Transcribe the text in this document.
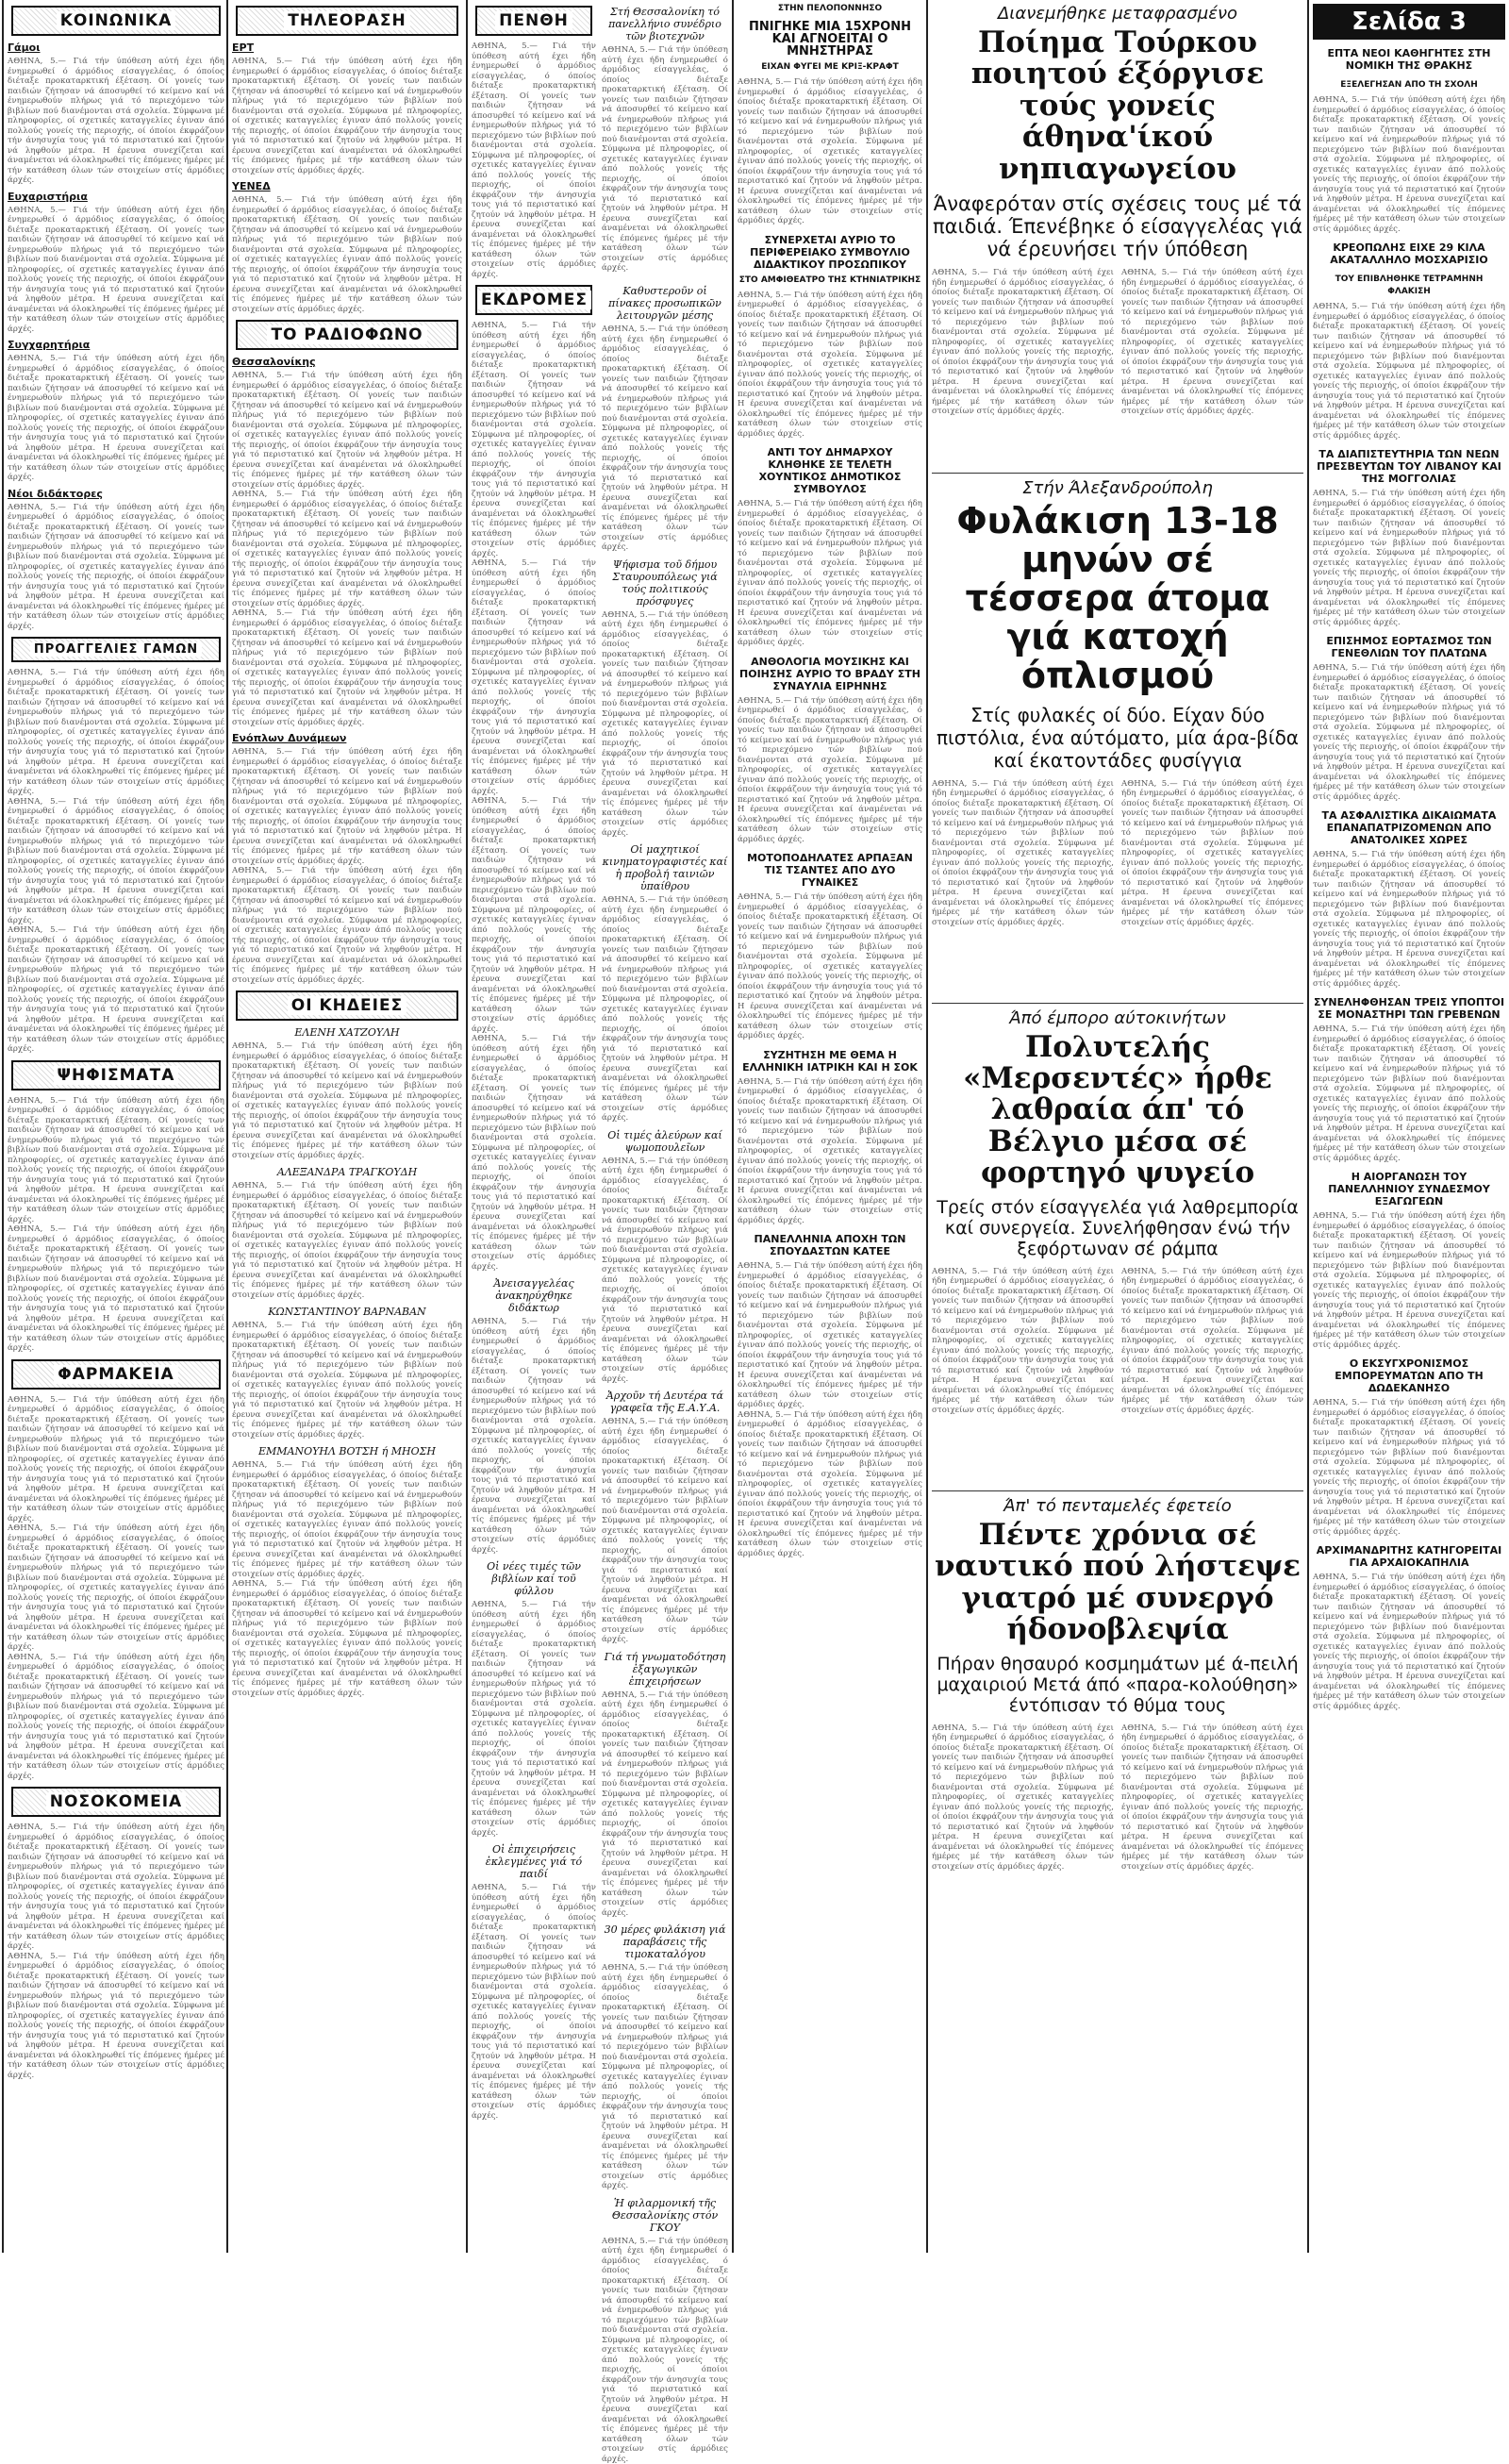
ΚΟΙΝΩΝΙΚΑ
Γάμοι
ΑΘΗΝΑ, 5.— Γιά τήν ύπόθεση αύτή έχει ήδη ένημερωθεί ό άρμόδιος είσαγγελέας, ό όποίος διέταξε προκαταρκτική έξέταση. Οί γονείς των παιδιών ζήτησαν νά άποσυρθεί τό κείμενο καί νά ένημερωθούν πλήρως γιά τό περιεχόμενο τών βιβλίων πού διανέμονται στά σχολεία. Σύμφωνα μέ πληροφορίες, οί σχετικές καταγγελίες έγιναν άπό πολλούς γονείς τής περιοχής, οί όποίοι έκφράζουν τήν άνησυχία τους γιά τό περιστατικό καί ζητούν νά ληφθούν μέτρα. Η έρευνα συνεχίζεται καί άναμένεται νά όλοκληρωθεί τίς έπόμενες ήμέρες μέ τήν κατάθεση όλων τών στοιχείων στίς άρμόδιες άρχές.
Ευχαριστήρια
ΑΘΗΝΑ, 5.— Γιά τήν ύπόθεση αύτή έχει ήδη ένημερωθεί ό άρμόδιος είσαγγελέας, ό όποίος διέταξε προκαταρκτική έξέταση. Οί γονείς των παιδιών ζήτησαν νά άποσυρθεί τό κείμενο καί νά ένημερωθούν πλήρως γιά τό περιεχόμενο τών βιβλίων πού διανέμονται στά σχολεία. Σύμφωνα μέ πληροφορίες, οί σχετικές καταγγελίες έγιναν άπό πολλούς γονείς τής περιοχής, οί όποίοι έκφράζουν τήν άνησυχία τους γιά τό περιστατικό καί ζητούν νά ληφθούν μέτρα. Η έρευνα συνεχίζεται καί άναμένεται νά όλοκληρωθεί τίς έπόμενες ήμέρες μέ τήν κατάθεση όλων τών στοιχείων στίς άρμόδιες άρχές.
Συγχαρητήρια
ΑΘΗΝΑ, 5.— Γιά τήν ύπόθεση αύτή έχει ήδη ένημερωθεί ό άρμόδιος είσαγγελέας, ό όποίος διέταξε προκαταρκτική έξέταση. Οί γονείς των παιδιών ζήτησαν νά άποσυρθεί τό κείμενο καί νά ένημερωθούν πλήρως γιά τό περιεχόμενο τών βιβλίων πού διανέμονται στά σχολεία. Σύμφωνα μέ πληροφορίες, οί σχετικές καταγγελίες έγιναν άπό πολλούς γονείς τής περιοχής, οί όποίοι έκφράζουν τήν άνησυχία τους γιά τό περιστατικό καί ζητούν νά ληφθούν μέτρα. Η έρευνα συνεχίζεται καί άναμένεται νά όλοκληρωθεί τίς έπόμενες ήμέρες μέ τήν κατάθεση όλων τών στοιχείων στίς άρμόδιες άρχές.
Νέοι διδάκτορες
ΑΘΗΝΑ, 5.— Γιά τήν ύπόθεση αύτή έχει ήδη ένημερωθεί ό άρμόδιος είσαγγελέας, ό όποίος διέταξε προκαταρκτική έξέταση. Οί γονείς των παιδιών ζήτησαν νά άποσυρθεί τό κείμενο καί νά ένημερωθούν πλήρως γιά τό περιεχόμενο τών βιβλίων πού διανέμονται στά σχολεία. Σύμφωνα μέ πληροφορίες, οί σχετικές καταγγελίες έγιναν άπό πολλούς γονείς τής περιοχής, οί όποίοι έκφράζουν τήν άνησυχία τους γιά τό περιστατικό καί ζητούν νά ληφθούν μέτρα. Η έρευνα συνεχίζεται καί άναμένεται νά όλοκληρωθεί τίς έπόμενες ήμέρες μέ τήν κατάθεση όλων τών στοιχείων στίς άρμόδιες άρχές.
ΠΡΟΑΓΓΕΛΙΕΣ ΓΑΜΩΝ
ΑΘΗΝΑ, 5.— Γιά τήν ύπόθεση αύτή έχει ήδη ένημερωθεί ό άρμόδιος είσαγγελέας, ό όποίος διέταξε προκαταρκτική έξέταση. Οί γονείς των παιδιών ζήτησαν νά άποσυρθεί τό κείμενο καί νά ένημερωθούν πλήρως γιά τό περιεχόμενο τών βιβλίων πού διανέμονται στά σχολεία. Σύμφωνα μέ πληροφορίες, οί σχετικές καταγγελίες έγιναν άπό πολλούς γονείς τής περιοχής, οί όποίοι έκφράζουν τήν άνησυχία τους γιά τό περιστατικό καί ζητούν νά ληφθούν μέτρα. Η έρευνα συνεχίζεται καί άναμένεται νά όλοκληρωθεί τίς έπόμενες ήμέρες μέ τήν κατάθεση όλων τών στοιχείων στίς άρμόδιες άρχές.
ΑΘΗΝΑ, 5.— Γιά τήν ύπόθεση αύτή έχει ήδη ένημερωθεί ό άρμόδιος είσαγγελέας, ό όποίος διέταξε προκαταρκτική έξέταση. Οί γονείς των παιδιών ζήτησαν νά άποσυρθεί τό κείμενο καί νά ένημερωθούν πλήρως γιά τό περιεχόμενο τών βιβλίων πού διανέμονται στά σχολεία. Σύμφωνα μέ πληροφορίες, οί σχετικές καταγγελίες έγιναν άπό πολλούς γονείς τής περιοχής, οί όποίοι έκφράζουν τήν άνησυχία τους γιά τό περιστατικό καί ζητούν νά ληφθούν μέτρα. Η έρευνα συνεχίζεται καί άναμένεται νά όλοκληρωθεί τίς έπόμενες ήμέρες μέ τήν κατάθεση όλων τών στοιχείων στίς άρμόδιες άρχές.
ΑΘΗΝΑ, 5.— Γιά τήν ύπόθεση αύτή έχει ήδη ένημερωθεί ό άρμόδιος είσαγγελέας, ό όποίος διέταξε προκαταρκτική έξέταση. Οί γονείς των παιδιών ζήτησαν νά άποσυρθεί τό κείμενο καί νά ένημερωθούν πλήρως γιά τό περιεχόμενο τών βιβλίων πού διανέμονται στά σχολεία. Σύμφωνα μέ πληροφορίες, οί σχετικές καταγγελίες έγιναν άπό πολλούς γονείς τής περιοχής, οί όποίοι έκφράζουν τήν άνησυχία τους γιά τό περιστατικό καί ζητούν νά ληφθούν μέτρα. Η έρευνα συνεχίζεται καί άναμένεται νά όλοκληρωθεί τίς έπόμενες ήμέρες μέ τήν κατάθεση όλων τών στοιχείων στίς άρμόδιες άρχές.
ΨΗΦΙΣΜΑΤΑ
ΑΘΗΝΑ, 5.— Γιά τήν ύπόθεση αύτή έχει ήδη ένημερωθεί ό άρμόδιος είσαγγελέας, ό όποίος διέταξε προκαταρκτική έξέταση. Οί γονείς των παιδιών ζήτησαν νά άποσυρθεί τό κείμενο καί νά ένημερωθούν πλήρως γιά τό περιεχόμενο τών βιβλίων πού διανέμονται στά σχολεία. Σύμφωνα μέ πληροφορίες, οί σχετικές καταγγελίες έγιναν άπό πολλούς γονείς τής περιοχής, οί όποίοι έκφράζουν τήν άνησυχία τους γιά τό περιστατικό καί ζητούν νά ληφθούν μέτρα. Η έρευνα συνεχίζεται καί άναμένεται νά όλοκληρωθεί τίς έπόμενες ήμέρες μέ τήν κατάθεση όλων τών στοιχείων στίς άρμόδιες άρχές.
ΑΘΗΝΑ, 5.— Γιά τήν ύπόθεση αύτή έχει ήδη ένημερωθεί ό άρμόδιος είσαγγελέας, ό όποίος διέταξε προκαταρκτική έξέταση. Οί γονείς των παιδιών ζήτησαν νά άποσυρθεί τό κείμενο καί νά ένημερωθούν πλήρως γιά τό περιεχόμενο τών βιβλίων πού διανέμονται στά σχολεία. Σύμφωνα μέ πληροφορίες, οί σχετικές καταγγελίες έγιναν άπό πολλούς γονείς τής περιοχής, οί όποίοι έκφράζουν τήν άνησυχία τους γιά τό περιστατικό καί ζητούν νά ληφθούν μέτρα. Η έρευνα συνεχίζεται καί άναμένεται νά όλοκληρωθεί τίς έπόμενες ήμέρες μέ τήν κατάθεση όλων τών στοιχείων στίς άρμόδιες άρχές.
ΦΑΡΜΑΚΕΙΑ
ΑΘΗΝΑ, 5.— Γιά τήν ύπόθεση αύτή έχει ήδη ένημερωθεί ό άρμόδιος είσαγγελέας, ό όποίος διέταξε προκαταρκτική έξέταση. Οί γονείς των παιδιών ζήτησαν νά άποσυρθεί τό κείμενο καί νά ένημερωθούν πλήρως γιά τό περιεχόμενο τών βιβλίων πού διανέμονται στά σχολεία. Σύμφωνα μέ πληροφορίες, οί σχετικές καταγγελίες έγιναν άπό πολλούς γονείς τής περιοχής, οί όποίοι έκφράζουν τήν άνησυχία τους γιά τό περιστατικό καί ζητούν νά ληφθούν μέτρα. Η έρευνα συνεχίζεται καί άναμένεται νά όλοκληρωθεί τίς έπόμενες ήμέρες μέ τήν κατάθεση όλων τών στοιχείων στίς άρμόδιες άρχές.
ΑΘΗΝΑ, 5.— Γιά τήν ύπόθεση αύτή έχει ήδη ένημερωθεί ό άρμόδιος είσαγγελέας, ό όποίος διέταξε προκαταρκτική έξέταση. Οί γονείς των παιδιών ζήτησαν νά άποσυρθεί τό κείμενο καί νά ένημερωθούν πλήρως γιά τό περιεχόμενο τών βιβλίων πού διανέμονται στά σχολεία. Σύμφωνα μέ πληροφορίες, οί σχετικές καταγγελίες έγιναν άπό πολλούς γονείς τής περιοχής, οί όποίοι έκφράζουν τήν άνησυχία τους γιά τό περιστατικό καί ζητούν νά ληφθούν μέτρα. Η έρευνα συνεχίζεται καί άναμένεται νά όλοκληρωθεί τίς έπόμενες ήμέρες μέ τήν κατάθεση όλων τών στοιχείων στίς άρμόδιες άρχές.
ΑΘΗΝΑ, 5.— Γιά τήν ύπόθεση αύτή έχει ήδη ένημερωθεί ό άρμόδιος είσαγγελέας, ό όποίος διέταξε προκαταρκτική έξέταση. Οί γονείς των παιδιών ζήτησαν νά άποσυρθεί τό κείμενο καί νά ένημερωθούν πλήρως γιά τό περιεχόμενο τών βιβλίων πού διανέμονται στά σχολεία. Σύμφωνα μέ πληροφορίες, οί σχετικές καταγγελίες έγιναν άπό πολλούς γονείς τής περιοχής, οί όποίοι έκφράζουν τήν άνησυχία τους γιά τό περιστατικό καί ζητούν νά ληφθούν μέτρα. Η έρευνα συνεχίζεται καί άναμένεται νά όλοκληρωθεί τίς έπόμενες ήμέρες μέ τήν κατάθεση όλων τών στοιχείων στίς άρμόδιες άρχές.
ΝΟΣΟΚΟΜΕΙΑ
ΑΘΗΝΑ, 5.— Γιά τήν ύπόθεση αύτή έχει ήδη ένημερωθεί ό άρμόδιος είσαγγελέας, ό όποίος διέταξε προκαταρκτική έξέταση. Οί γονείς των παιδιών ζήτησαν νά άποσυρθεί τό κείμενο καί νά ένημερωθούν πλήρως γιά τό περιεχόμενο τών βιβλίων πού διανέμονται στά σχολεία. Σύμφωνα μέ πληροφορίες, οί σχετικές καταγγελίες έγιναν άπό πολλούς γονείς τής περιοχής, οί όποίοι έκφράζουν τήν άνησυχία τους γιά τό περιστατικό καί ζητούν νά ληφθούν μέτρα. Η έρευνα συνεχίζεται καί άναμένεται νά όλοκληρωθεί τίς έπόμενες ήμέρες μέ τήν κατάθεση όλων τών στοιχείων στίς άρμόδιες άρχές.
ΑΘΗΝΑ, 5.— Γιά τήν ύπόθεση αύτή έχει ήδη ένημερωθεί ό άρμόδιος είσαγγελέας, ό όποίος διέταξε προκαταρκτική έξέταση. Οί γονείς των παιδιών ζήτησαν νά άποσυρθεί τό κείμενο καί νά ένημερωθούν πλήρως γιά τό περιεχόμενο τών βιβλίων πού διανέμονται στά σχολεία. Σύμφωνα μέ πληροφορίες, οί σχετικές καταγγελίες έγιναν άπό πολλούς γονείς τής περιοχής, οί όποίοι έκφράζουν τήν άνησυχία τους γιά τό περιστατικό καί ζητούν νά ληφθούν μέτρα. Η έρευνα συνεχίζεται καί άναμένεται νά όλοκληρωθεί τίς έπόμενες ήμέρες μέ τήν κατάθεση όλων τών στοιχείων στίς άρμόδιες άρχές.
ΤΗΛΕΟΡΑΣΗ
ΕΡΤ
ΑΘΗΝΑ, 5.— Γιά τήν ύπόθεση αύτή έχει ήδη ένημερωθεί ό άρμόδιος είσαγγελέας, ό όποίος διέταξε προκαταρκτική έξέταση. Οί γονείς των παιδιών ζήτησαν νά άποσυρθεί τό κείμενο καί νά ένημερωθούν πλήρως γιά τό περιεχόμενο τών βιβλίων πού διανέμονται στά σχολεία. Σύμφωνα μέ πληροφορίες, οί σχετικές καταγγελίες έγιναν άπό πολλούς γονείς τής περιοχής, οί όποίοι έκφράζουν τήν άνησυχία τους γιά τό περιστατικό καί ζητούν νά ληφθούν μέτρα. Η έρευνα συνεχίζεται καί άναμένεται νά όλοκληρωθεί τίς έπόμενες ήμέρες μέ τήν κατάθεση όλων τών στοιχείων στίς άρμόδιες άρχές.
ΥΕΝΕΔ
ΑΘΗΝΑ, 5.— Γιά τήν ύπόθεση αύτή έχει ήδη ένημερωθεί ό άρμόδιος είσαγγελέας, ό όποίος διέταξε προκαταρκτική έξέταση. Οί γονείς των παιδιών ζήτησαν νά άποσυρθεί τό κείμενο καί νά ένημερωθούν πλήρως γιά τό περιεχόμενο τών βιβλίων πού διανέμονται στά σχολεία. Σύμφωνα μέ πληροφορίες, οί σχετικές καταγγελίες έγιναν άπό πολλούς γονείς τής περιοχής, οί όποίοι έκφράζουν τήν άνησυχία τους γιά τό περιστατικό καί ζητούν νά ληφθούν μέτρα. Η έρευνα συνεχίζεται καί άναμένεται νά όλοκληρωθεί τίς έπόμενες ήμέρες μέ τήν κατάθεση όλων τών στοιχείων στίς άρμόδιες άρχές.
ΤΟ ΡΑΔΙΟΦΩΝΟ
Θεσσαλονίκης
ΑΘΗΝΑ, 5.— Γιά τήν ύπόθεση αύτή έχει ήδη ένημερωθεί ό άρμόδιος είσαγγελέας, ό όποίος διέταξε προκαταρκτική έξέταση. Οί γονείς των παιδιών ζήτησαν νά άποσυρθεί τό κείμενο καί νά ένημερωθούν πλήρως γιά τό περιεχόμενο τών βιβλίων πού διανέμονται στά σχολεία. Σύμφωνα μέ πληροφορίες, οί σχετικές καταγγελίες έγιναν άπό πολλούς γονείς τής περιοχής, οί όποίοι έκφράζουν τήν άνησυχία τους γιά τό περιστατικό καί ζητούν νά ληφθούν μέτρα. Η έρευνα συνεχίζεται καί άναμένεται νά όλοκληρωθεί τίς έπόμενες ήμέρες μέ τήν κατάθεση όλων τών στοιχείων στίς άρμόδιες άρχές.
ΑΘΗΝΑ, 5.— Γιά τήν ύπόθεση αύτή έχει ήδη ένημερωθεί ό άρμόδιος είσαγγελέας, ό όποίος διέταξε προκαταρκτική έξέταση. Οί γονείς των παιδιών ζήτησαν νά άποσυρθεί τό κείμενο καί νά ένημερωθούν πλήρως γιά τό περιεχόμενο τών βιβλίων πού διανέμονται στά σχολεία. Σύμφωνα μέ πληροφορίες, οί σχετικές καταγγελίες έγιναν άπό πολλούς γονείς τής περιοχής, οί όποίοι έκφράζουν τήν άνησυχία τους γιά τό περιστατικό καί ζητούν νά ληφθούν μέτρα. Η έρευνα συνεχίζεται καί άναμένεται νά όλοκληρωθεί τίς έπόμενες ήμέρες μέ τήν κατάθεση όλων τών στοιχείων στίς άρμόδιες άρχές.
ΑΘΗΝΑ, 5.— Γιά τήν ύπόθεση αύτή έχει ήδη ένημερωθεί ό άρμόδιος είσαγγελέας, ό όποίος διέταξε προκαταρκτική έξέταση. Οί γονείς των παιδιών ζήτησαν νά άποσυρθεί τό κείμενο καί νά ένημερωθούν πλήρως γιά τό περιεχόμενο τών βιβλίων πού διανέμονται στά σχολεία. Σύμφωνα μέ πληροφορίες, οί σχετικές καταγγελίες έγιναν άπό πολλούς γονείς τής περιοχής, οί όποίοι έκφράζουν τήν άνησυχία τους γιά τό περιστατικό καί ζητούν νά ληφθούν μέτρα. Η έρευνα συνεχίζεται καί άναμένεται νά όλοκληρωθεί τίς έπόμενες ήμέρες μέ τήν κατάθεση όλων τών στοιχείων στίς άρμόδιες άρχές.
Ενόπλων Δυνάμεων
ΑΘΗΝΑ, 5.— Γιά τήν ύπόθεση αύτή έχει ήδη ένημερωθεί ό άρμόδιος είσαγγελέας, ό όποίος διέταξε προκαταρκτική έξέταση. Οί γονείς των παιδιών ζήτησαν νά άποσυρθεί τό κείμενο καί νά ένημερωθούν πλήρως γιά τό περιεχόμενο τών βιβλίων πού διανέμονται στά σχολεία. Σύμφωνα μέ πληροφορίες, οί σχετικές καταγγελίες έγιναν άπό πολλούς γονείς τής περιοχής, οί όποίοι έκφράζουν τήν άνησυχία τους γιά τό περιστατικό καί ζητούν νά ληφθούν μέτρα. Η έρευνα συνεχίζεται καί άναμένεται νά όλοκληρωθεί τίς έπόμενες ήμέρες μέ τήν κατάθεση όλων τών στοιχείων στίς άρμόδιες άρχές.
ΑΘΗΝΑ, 5.— Γιά τήν ύπόθεση αύτή έχει ήδη ένημερωθεί ό άρμόδιος είσαγγελέας, ό όποίος διέταξε προκαταρκτική έξέταση. Οί γονείς των παιδιών ζήτησαν νά άποσυρθεί τό κείμενο καί νά ένημερωθούν πλήρως γιά τό περιεχόμενο τών βιβλίων πού διανέμονται στά σχολεία. Σύμφωνα μέ πληροφορίες, οί σχετικές καταγγελίες έγιναν άπό πολλούς γονείς τής περιοχής, οί όποίοι έκφράζουν τήν άνησυχία τους γιά τό περιστατικό καί ζητούν νά ληφθούν μέτρα. Η έρευνα συνεχίζεται καί άναμένεται νά όλοκληρωθεί τίς έπόμενες ήμέρες μέ τήν κατάθεση όλων τών στοιχείων στίς άρμόδιες άρχές.
ΟΙ ΚΗΔΕΙΕΣ
ΕΛΕΝΗ ΧΑΤΖΟΥΛΗ
ΑΘΗΝΑ, 5.— Γιά τήν ύπόθεση αύτή έχει ήδη ένημερωθεί ό άρμόδιος είσαγγελέας, ό όποίος διέταξε προκαταρκτική έξέταση. Οί γονείς των παιδιών ζήτησαν νά άποσυρθεί τό κείμενο καί νά ένημερωθούν πλήρως γιά τό περιεχόμενο τών βιβλίων πού διανέμονται στά σχολεία. Σύμφωνα μέ πληροφορίες, οί σχετικές καταγγελίες έγιναν άπό πολλούς γονείς τής περιοχής, οί όποίοι έκφράζουν τήν άνησυχία τους γιά τό περιστατικό καί ζητούν νά ληφθούν μέτρα. Η έρευνα συνεχίζεται καί άναμένεται νά όλοκληρωθεί τίς έπόμενες ήμέρες μέ τήν κατάθεση όλων τών στοιχείων στίς άρμόδιες άρχές.
ΑΛΕΞΑΝΔΡΑ ΤΡΑΓΚΟΥΔΗ
ΑΘΗΝΑ, 5.— Γιά τήν ύπόθεση αύτή έχει ήδη ένημερωθεί ό άρμόδιος είσαγγελέας, ό όποίος διέταξε προκαταρκτική έξέταση. Οί γονείς των παιδιών ζήτησαν νά άποσυρθεί τό κείμενο καί νά ένημερωθούν πλήρως γιά τό περιεχόμενο τών βιβλίων πού διανέμονται στά σχολεία. Σύμφωνα μέ πληροφορίες, οί σχετικές καταγγελίες έγιναν άπό πολλούς γονείς τής περιοχής, οί όποίοι έκφράζουν τήν άνησυχία τους γιά τό περιστατικό καί ζητούν νά ληφθούν μέτρα. Η έρευνα συνεχίζεται καί άναμένεται νά όλοκληρωθεί τίς έπόμενες ήμέρες μέ τήν κατάθεση όλων τών στοιχείων στίς άρμόδιες άρχές.
ΚΩΝΣΤΑΝΤΙΝΟΥ ΒΑΡΝΑΒΑΝ
ΑΘΗΝΑ, 5.— Γιά τήν ύπόθεση αύτή έχει ήδη ένημερωθεί ό άρμόδιος είσαγγελέας, ό όποίος διέταξε προκαταρκτική έξέταση. Οί γονείς των παιδιών ζήτησαν νά άποσυρθεί τό κείμενο καί νά ένημερωθούν πλήρως γιά τό περιεχόμενο τών βιβλίων πού διανέμονται στά σχολεία. Σύμφωνα μέ πληροφορίες, οί σχετικές καταγγελίες έγιναν άπό πολλούς γονείς τής περιοχής, οί όποίοι έκφράζουν τήν άνησυχία τους γιά τό περιστατικό καί ζητούν νά ληφθούν μέτρα. Η έρευνα συνεχίζεται καί άναμένεται νά όλοκληρωθεί τίς έπόμενες ήμέρες μέ τήν κατάθεση όλων τών στοιχείων στίς άρμόδιες άρχές.
ΕΜΜΑΝΟΥΗΛ ΒΟΤΣΗ ή ΜΗΟΣΗ
ΑΘΗΝΑ, 5.— Γιά τήν ύπόθεση αύτή έχει ήδη ένημερωθεί ό άρμόδιος είσαγγελέας, ό όποίος διέταξε προκαταρκτική έξέταση. Οί γονείς των παιδιών ζήτησαν νά άποσυρθεί τό κείμενο καί νά ένημερωθούν πλήρως γιά τό περιεχόμενο τών βιβλίων πού διανέμονται στά σχολεία. Σύμφωνα μέ πληροφορίες, οί σχετικές καταγγελίες έγιναν άπό πολλούς γονείς τής περιοχής, οί όποίοι έκφράζουν τήν άνησυχία τους γιά τό περιστατικό καί ζητούν νά ληφθούν μέτρα. Η έρευνα συνεχίζεται καί άναμένεται νά όλοκληρωθεί τίς έπόμενες ήμέρες μέ τήν κατάθεση όλων τών στοιχείων στίς άρμόδιες άρχές.
ΑΘΗΝΑ, 5.— Γιά τήν ύπόθεση αύτή έχει ήδη ένημερωθεί ό άρμόδιος είσαγγελέας, ό όποίος διέταξε προκαταρκτική έξέταση. Οί γονείς των παιδιών ζήτησαν νά άποσυρθεί τό κείμενο καί νά ένημερωθούν πλήρως γιά τό περιεχόμενο τών βιβλίων πού διανέμονται στά σχολεία. Σύμφωνα μέ πληροφορίες, οί σχετικές καταγγελίες έγιναν άπό πολλούς γονείς τής περιοχής, οί όποίοι έκφράζουν τήν άνησυχία τους γιά τό περιστατικό καί ζητούν νά ληφθούν μέτρα. Η έρευνα συνεχίζεται καί άναμένεται νά όλοκληρωθεί τίς έπόμενες ήμέρες μέ τήν κατάθεση όλων τών στοιχείων στίς άρμόδιες άρχές.
ΠΕΝΘΗ
ΑΘΗΝΑ, 5.— Γιά τήν ύπόθεση αύτή έχει ήδη ένημερωθεί ό άρμόδιος είσαγγελέας, ό όποίος διέταξε προκαταρκτική έξέταση. Οί γονείς των παιδιών ζήτησαν νά άποσυρθεί τό κείμενο καί νά ένημερωθούν πλήρως γιά τό περιεχόμενο τών βιβλίων πού διανέμονται στά σχολεία. Σύμφωνα μέ πληροφορίες, οί σχετικές καταγγελίες έγιναν άπό πολλούς γονείς τής περιοχής, οί όποίοι έκφράζουν τήν άνησυχία τους γιά τό περιστατικό καί ζητούν νά ληφθούν μέτρα. Η έρευνα συνεχίζεται καί άναμένεται νά όλοκληρωθεί τίς έπόμενες ήμέρες μέ τήν κατάθεση όλων τών στοιχείων στίς άρμόδιες άρχές.
Στή Θεσσαλονίκη τό πανελλήνιο συνέδριο τῶν βιοτεχνῶν
ΑΘΗΝΑ, 5.— Γιά τήν ύπόθεση αύτή έχει ήδη ένημερωθεί ό άρμόδιος είσαγγελέας, ό όποίος διέταξε προκαταρκτική έξέταση. Οί γονείς των παιδιών ζήτησαν νά άποσυρθεί τό κείμενο καί νά ένημερωθούν πλήρως γιά τό περιεχόμενο τών βιβλίων πού διανέμονται στά σχολεία. Σύμφωνα μέ πληροφορίες, οί σχετικές καταγγελίες έγιναν άπό πολλούς γονείς τής περιοχής, οί όποίοι έκφράζουν τήν άνησυχία τους γιά τό περιστατικό καί ζητούν νά ληφθούν μέτρα. Η έρευνα συνεχίζεται καί άναμένεται νά όλοκληρωθεί τίς έπόμενες ήμέρες μέ τήν κατάθεση όλων τών στοιχείων στίς άρμόδιες άρχές.
ΕΚΔΡΟΜΕΣ
ΑΘΗΝΑ, 5.— Γιά τήν ύπόθεση αύτή έχει ήδη ένημερωθεί ό άρμόδιος είσαγγελέας, ό όποίος διέταξε προκαταρκτική έξέταση. Οί γονείς των παιδιών ζήτησαν νά άποσυρθεί τό κείμενο καί νά ένημερωθούν πλήρως γιά τό περιεχόμενο τών βιβλίων πού διανέμονται στά σχολεία. Σύμφωνα μέ πληροφορίες, οί σχετικές καταγγελίες έγιναν άπό πολλούς γονείς τής περιοχής, οί όποίοι έκφράζουν τήν άνησυχία τους γιά τό περιστατικό καί ζητούν νά ληφθούν μέτρα. Η έρευνα συνεχίζεται καί άναμένεται νά όλοκληρωθεί τίς έπόμενες ήμέρες μέ τήν κατάθεση όλων τών στοιχείων στίς άρμόδιες άρχές.
ΑΘΗΝΑ, 5.— Γιά τήν ύπόθεση αύτή έχει ήδη ένημερωθεί ό άρμόδιος είσαγγελέας, ό όποίος διέταξε προκαταρκτική έξέταση. Οί γονείς των παιδιών ζήτησαν νά άποσυρθεί τό κείμενο καί νά ένημερωθούν πλήρως γιά τό περιεχόμενο τών βιβλίων πού διανέμονται στά σχολεία. Σύμφωνα μέ πληροφορίες, οί σχετικές καταγγελίες έγιναν άπό πολλούς γονείς τής περιοχής, οί όποίοι έκφράζουν τήν άνησυχία τους γιά τό περιστατικό καί ζητούν νά ληφθούν μέτρα. Η έρευνα συνεχίζεται καί άναμένεται νά όλοκληρωθεί τίς έπόμενες ήμέρες μέ τήν κατάθεση όλων τών στοιχείων στίς άρμόδιες άρχές.
ΑΘΗΝΑ, 5.— Γιά τήν ύπόθεση αύτή έχει ήδη ένημερωθεί ό άρμόδιος είσαγγελέας, ό όποίος διέταξε προκαταρκτική έξέταση. Οί γονείς των παιδιών ζήτησαν νά άποσυρθεί τό κείμενο καί νά ένημερωθούν πλήρως γιά τό περιεχόμενο τών βιβλίων πού διανέμονται στά σχολεία. Σύμφωνα μέ πληροφορίες, οί σχετικές καταγγελίες έγιναν άπό πολλούς γονείς τής περιοχής, οί όποίοι έκφράζουν τήν άνησυχία τους γιά τό περιστατικό καί ζητούν νά ληφθούν μέτρα. Η έρευνα συνεχίζεται καί άναμένεται νά όλοκληρωθεί τίς έπόμενες ήμέρες μέ τήν κατάθεση όλων τών στοιχείων στίς άρμόδιες άρχές.
ΑΘΗΝΑ, 5.— Γιά τήν ύπόθεση αύτή έχει ήδη ένημερωθεί ό άρμόδιος είσαγγελέας, ό όποίος διέταξε προκαταρκτική έξέταση. Οί γονείς των παιδιών ζήτησαν νά άποσυρθεί τό κείμενο καί νά ένημερωθούν πλήρως γιά τό περιεχόμενο τών βιβλίων πού διανέμονται στά σχολεία. Σύμφωνα μέ πληροφορίες, οί σχετικές καταγγελίες έγιναν άπό πολλούς γονείς τής περιοχής, οί όποίοι έκφράζουν τήν άνησυχία τους γιά τό περιστατικό καί ζητούν νά ληφθούν μέτρα. Η έρευνα συνεχίζεται καί άναμένεται νά όλοκληρωθεί τίς έπόμενες ήμέρες μέ τήν κατάθεση όλων τών στοιχείων στίς άρμόδιες άρχές.
Ἀνεισαγγελέας ἀνακηρύχθηκε διδάκτωρ
ΑΘΗΝΑ, 5.— Γιά τήν ύπόθεση αύτή έχει ήδη ένημερωθεί ό άρμόδιος είσαγγελέας, ό όποίος διέταξε προκαταρκτική έξέταση. Οί γονείς των παιδιών ζήτησαν νά άποσυρθεί τό κείμενο καί νά ένημερωθούν πλήρως γιά τό περιεχόμενο τών βιβλίων πού διανέμονται στά σχολεία. Σύμφωνα μέ πληροφορίες, οί σχετικές καταγγελίες έγιναν άπό πολλούς γονείς τής περιοχής, οί όποίοι έκφράζουν τήν άνησυχία τους γιά τό περιστατικό καί ζητούν νά ληφθούν μέτρα. Η έρευνα συνεχίζεται καί άναμένεται νά όλοκληρωθεί τίς έπόμενες ήμέρες μέ τήν κατάθεση όλων τών στοιχείων στίς άρμόδιες άρχές.
Οἱ νέες τιμές τῶν βιβλίων καί τοῦ φύλλου
ΑΘΗΝΑ, 5.— Γιά τήν ύπόθεση αύτή έχει ήδη ένημερωθεί ό άρμόδιος είσαγγελέας, ό όποίος διέταξε προκαταρκτική έξέταση. Οί γονείς των παιδιών ζήτησαν νά άποσυρθεί τό κείμενο καί νά ένημερωθούν πλήρως γιά τό περιεχόμενο τών βιβλίων πού διανέμονται στά σχολεία. Σύμφωνα μέ πληροφορίες, οί σχετικές καταγγελίες έγιναν άπό πολλούς γονείς τής περιοχής, οί όποίοι έκφράζουν τήν άνησυχία τους γιά τό περιστατικό καί ζητούν νά ληφθούν μέτρα. Η έρευνα συνεχίζεται καί άναμένεται νά όλοκληρωθεί τίς έπόμενες ήμέρες μέ τήν κατάθεση όλων τών στοιχείων στίς άρμόδιες άρχές.
Οἱ ἐπιχειρήσεις ἐκλεγμένες γιά τό παιδί
ΑΘΗΝΑ, 5.— Γιά τήν ύπόθεση αύτή έχει ήδη ένημερωθεί ό άρμόδιος είσαγγελέας, ό όποίος διέταξε προκαταρκτική έξέταση. Οί γονείς των παιδιών ζήτησαν νά άποσυρθεί τό κείμενο καί νά ένημερωθούν πλήρως γιά τό περιεχόμενο τών βιβλίων πού διανέμονται στά σχολεία. Σύμφωνα μέ πληροφορίες, οί σχετικές καταγγελίες έγιναν άπό πολλούς γονείς τής περιοχής, οί όποίοι έκφράζουν τήν άνησυχία τους γιά τό περιστατικό καί ζητούν νά ληφθούν μέτρα. Η έρευνα συνεχίζεται καί άναμένεται νά όλοκληρωθεί τίς έπόμενες ήμέρες μέ τήν κατάθεση όλων τών στοιχείων στίς άρμόδιες άρχές.
Καθυστεροῦν οἱ πίνακες προσωπικῶν λειτουργῶν μέσης
ΑΘΗΝΑ, 5.— Γιά τήν ύπόθεση αύτή έχει ήδη ένημερωθεί ό άρμόδιος είσαγγελέας, ό όποίος διέταξε προκαταρκτική έξέταση. Οί γονείς των παιδιών ζήτησαν νά άποσυρθεί τό κείμενο καί νά ένημερωθούν πλήρως γιά τό περιεχόμενο τών βιβλίων πού διανέμονται στά σχολεία. Σύμφωνα μέ πληροφορίες, οί σχετικές καταγγελίες έγιναν άπό πολλούς γονείς τής περιοχής, οί όποίοι έκφράζουν τήν άνησυχία τους γιά τό περιστατικό καί ζητούν νά ληφθούν μέτρα. Η έρευνα συνεχίζεται καί άναμένεται νά όλοκληρωθεί τίς έπόμενες ήμέρες μέ τήν κατάθεση όλων τών στοιχείων στίς άρμόδιες άρχές.
Ψήφισμα τοῦ δήμου Σταυρουπόλεως γιά τούς πολιτικούς πρόσφυγες
ΑΘΗΝΑ, 5.— Γιά τήν ύπόθεση αύτή έχει ήδη ένημερωθεί ό άρμόδιος είσαγγελέας, ό όποίος διέταξε προκαταρκτική έξέταση. Οί γονείς των παιδιών ζήτησαν νά άποσυρθεί τό κείμενο καί νά ένημερωθούν πλήρως γιά τό περιεχόμενο τών βιβλίων πού διανέμονται στά σχολεία. Σύμφωνα μέ πληροφορίες, οί σχετικές καταγγελίες έγιναν άπό πολλούς γονείς τής περιοχής, οί όποίοι έκφράζουν τήν άνησυχία τους γιά τό περιστατικό καί ζητούν νά ληφθούν μέτρα. Η έρευνα συνεχίζεται καί άναμένεται νά όλοκληρωθεί τίς έπόμενες ήμέρες μέ τήν κατάθεση όλων τών στοιχείων στίς άρμόδιες άρχές.
Οἱ μαχητικοί κινηματογραφιστές καί ἡ προβολή ταινιῶν ὑπαίθρου
ΑΘΗΝΑ, 5.— Γιά τήν ύπόθεση αύτή έχει ήδη ένημερωθεί ό άρμόδιος είσαγγελέας, ό όποίος διέταξε προκαταρκτική έξέταση. Οί γονείς των παιδιών ζήτησαν νά άποσυρθεί τό κείμενο καί νά ένημερωθούν πλήρως γιά τό περιεχόμενο τών βιβλίων πού διανέμονται στά σχολεία. Σύμφωνα μέ πληροφορίες, οί σχετικές καταγγελίες έγιναν άπό πολλούς γονείς τής περιοχής, οί όποίοι έκφράζουν τήν άνησυχία τους γιά τό περιστατικό καί ζητούν νά ληφθούν μέτρα. Η έρευνα συνεχίζεται καί άναμένεται νά όλοκληρωθεί τίς έπόμενες ήμέρες μέ τήν κατάθεση όλων τών στοιχείων στίς άρμόδιες άρχές.
Οἱ τιμές ἀλεύρων καί ψωμοπουλεῖων
ΑΘΗΝΑ, 5.— Γιά τήν ύπόθεση αύτή έχει ήδη ένημερωθεί ό άρμόδιος είσαγγελέας, ό όποίος διέταξε προκαταρκτική έξέταση. Οί γονείς των παιδιών ζήτησαν νά άποσυρθεί τό κείμενο καί νά ένημερωθούν πλήρως γιά τό περιεχόμενο τών βιβλίων πού διανέμονται στά σχολεία. Σύμφωνα μέ πληροφορίες, οί σχετικές καταγγελίες έγιναν άπό πολλούς γονείς τής περιοχής, οί όποίοι έκφράζουν τήν άνησυχία τους γιά τό περιστατικό καί ζητούν νά ληφθούν μέτρα. Η έρευνα συνεχίζεται καί άναμένεται νά όλοκληρωθεί τίς έπόμενες ήμέρες μέ τήν κατάθεση όλων τών στοιχείων στίς άρμόδιες άρχές.
Ἀρχοῦν τή Δευτέρα τά γραφεῖα τῆς Ε.Α.Υ.Α.
ΑΘΗΝΑ, 5.— Γιά τήν ύπόθεση αύτή έχει ήδη ένημερωθεί ό άρμόδιος είσαγγελέας, ό όποίος διέταξε προκαταρκτική έξέταση. Οί γονείς των παιδιών ζήτησαν νά άποσυρθεί τό κείμενο καί νά ένημερωθούν πλήρως γιά τό περιεχόμενο τών βιβλίων πού διανέμονται στά σχολεία. Σύμφωνα μέ πληροφορίες, οί σχετικές καταγγελίες έγιναν άπό πολλούς γονείς τής περιοχής, οί όποίοι έκφράζουν τήν άνησυχία τους γιά τό περιστατικό καί ζητούν νά ληφθούν μέτρα. Η έρευνα συνεχίζεται καί άναμένεται νά όλοκληρωθεί τίς έπόμενες ήμέρες μέ τήν κατάθεση όλων τών στοιχείων στίς άρμόδιες άρχές.
Γιά τή γνωματοδότηση ἐξαγωγικῶν ἐπιχειρήσεων
ΑΘΗΝΑ, 5.— Γιά τήν ύπόθεση αύτή έχει ήδη ένημερωθεί ό άρμόδιος είσαγγελέας, ό όποίος διέταξε προκαταρκτική έξέταση. Οί γονείς των παιδιών ζήτησαν νά άποσυρθεί τό κείμενο καί νά ένημερωθούν πλήρως γιά τό περιεχόμενο τών βιβλίων πού διανέμονται στά σχολεία. Σύμφωνα μέ πληροφορίες, οί σχετικές καταγγελίες έγιναν άπό πολλούς γονείς τής περιοχής, οί όποίοι έκφράζουν τήν άνησυχία τους γιά τό περιστατικό καί ζητούν νά ληφθούν μέτρα. Η έρευνα συνεχίζεται καί άναμένεται νά όλοκληρωθεί τίς έπόμενες ήμέρες μέ τήν κατάθεση όλων τών στοιχείων στίς άρμόδιες άρχές.
30 μέρες φυλάκιση γιά παραβάσεις τῆς τιμοκαταλόγου
ΑΘΗΝΑ, 5.— Γιά τήν ύπόθεση αύτή έχει ήδη ένημερωθεί ό άρμόδιος είσαγγελέας, ό όποίος διέταξε προκαταρκτική έξέταση. Οί γονείς των παιδιών ζήτησαν νά άποσυρθεί τό κείμενο καί νά ένημερωθούν πλήρως γιά τό περιεχόμενο τών βιβλίων πού διανέμονται στά σχολεία. Σύμφωνα μέ πληροφορίες, οί σχετικές καταγγελίες έγιναν άπό πολλούς γονείς τής περιοχής, οί όποίοι έκφράζουν τήν άνησυχία τους γιά τό περιστατικό καί ζητούν νά ληφθούν μέτρα. Η έρευνα συνεχίζεται καί άναμένεται νά όλοκληρωθεί τίς έπόμενες ήμέρες μέ τήν κατάθεση όλων τών στοιχείων στίς άρμόδιες άρχές.
Ἡ φιλαρμονική τῆς Θεσσαλονίκης στόν ΓΚΟΥ
ΑΘΗΝΑ, 5.— Γιά τήν ύπόθεση αύτή έχει ήδη ένημερωθεί ό άρμόδιος είσαγγελέας, ό όποίος διέταξε προκαταρκτική έξέταση. Οί γονείς των παιδιών ζήτησαν νά άποσυρθεί τό κείμενο καί νά ένημερωθούν πλήρως γιά τό περιεχόμενο τών βιβλίων πού διανέμονται στά σχολεία. Σύμφωνα μέ πληροφορίες, οί σχετικές καταγγελίες έγιναν άπό πολλούς γονείς τής περιοχής, οί όποίοι έκφράζουν τήν άνησυχία τους γιά τό περιστατικό καί ζητούν νά ληφθούν μέτρα. Η έρευνα συνεχίζεται καί άναμένεται νά όλοκληρωθεί τίς έπόμενες ήμέρες μέ τήν κατάθεση όλων τών στοιχείων στίς άρμόδιες άρχές.
ΣΤΗΝ ΠΕΛΟΠΟΝΝΗΣΟ
ΠΝΙΓΗΚΕ ΜΙΑ 15ΧΡΟΝΗ ΚΑΙ ΑΓΝΟΕΙΤΑΙ Ο ΜΝΗΣΤΗΡΑΣ
ΕΙΧΑΝ ΦΥΓΕΙ ΜΕ ΚΡΙΞ-ΚΡΑΦΤ
ΑΘΗΝΑ, 5.— Γιά τήν ύπόθεση αύτή έχει ήδη ένημερωθεί ό άρμόδιος είσαγγελέας, ό όποίος διέταξε προκαταρκτική έξέταση. Οί γονείς των παιδιών ζήτησαν νά άποσυρθεί τό κείμενο καί νά ένημερωθούν πλήρως γιά τό περιεχόμενο τών βιβλίων πού διανέμονται στά σχολεία. Σύμφωνα μέ πληροφορίες, οί σχετικές καταγγελίες έγιναν άπό πολλούς γονείς τής περιοχής, οί όποίοι έκφράζουν τήν άνησυχία τους γιά τό περιστατικό καί ζητούν νά ληφθούν μέτρα. Η έρευνα συνεχίζεται καί άναμένεται νά όλοκληρωθεί τίς έπόμενες ήμέρες μέ τήν κατάθεση όλων τών στοιχείων στίς άρμόδιες άρχές.
ΣΥΝΕΡΧΕΤΑΙ ΑΥΡΙΟ ΤΟ ΠΕΡΙΦΕΡΕΙΑΚΟ ΣΥΜΒΟΥΛΙΟ ΔΙΔΑΚΤΙΚΟΥ ΠΡΟΣΩΠΙΚΟΥ
ΣΤΟ ΑΜΦΙΘΕΑΤΡΟ ΤΗΣ ΚΤΗΝΙΑΤΡΙΚΗΣ
ΑΘΗΝΑ, 5.— Γιά τήν ύπόθεση αύτή έχει ήδη ένημερωθεί ό άρμόδιος είσαγγελέας, ό όποίος διέταξε προκαταρκτική έξέταση. Οί γονείς των παιδιών ζήτησαν νά άποσυρθεί τό κείμενο καί νά ένημερωθούν πλήρως γιά τό περιεχόμενο τών βιβλίων πού διανέμονται στά σχολεία. Σύμφωνα μέ πληροφορίες, οί σχετικές καταγγελίες έγιναν άπό πολλούς γονείς τής περιοχής, οί όποίοι έκφράζουν τήν άνησυχία τους γιά τό περιστατικό καί ζητούν νά ληφθούν μέτρα. Η έρευνα συνεχίζεται καί άναμένεται νά όλοκληρωθεί τίς έπόμενες ήμέρες μέ τήν κατάθεση όλων τών στοιχείων στίς άρμόδιες άρχές.
ΑΝΤΙ ΤΟΥ ΔΗΜΑΡΧΟΥ ΚΛΗΘΗΚΕ ΣΕ ΤΕΛΕΤΗ ΧΟΥΝΤΙΚΟΣ ΔΗΜΟΤΙΚΟΣ ΣΥΜΒΟΥΛΟΣ
ΑΘΗΝΑ, 5.— Γιά τήν ύπόθεση αύτή έχει ήδη ένημερωθεί ό άρμόδιος είσαγγελέας, ό όποίος διέταξε προκαταρκτική έξέταση. Οί γονείς των παιδιών ζήτησαν νά άποσυρθεί τό κείμενο καί νά ένημερωθούν πλήρως γιά τό περιεχόμενο τών βιβλίων πού διανέμονται στά σχολεία. Σύμφωνα μέ πληροφορίες, οί σχετικές καταγγελίες έγιναν άπό πολλούς γονείς τής περιοχής, οί όποίοι έκφράζουν τήν άνησυχία τους γιά τό περιστατικό καί ζητούν νά ληφθούν μέτρα. Η έρευνα συνεχίζεται καί άναμένεται νά όλοκληρωθεί τίς έπόμενες ήμέρες μέ τήν κατάθεση όλων τών στοιχείων στίς άρμόδιες άρχές.
ΑΝΘΟΛΟΓΙΑ ΜΟΥΣΙΚΗΣ ΚΑΙ ΠΟΙΗΣΗΣ ΑΥΡΙΟ ΤΟ ΒΡΑΔΥ ΣΤΗ ΣΥΝΑΥΛΙΑ ΕΙΡΗΝΗΣ
ΑΘΗΝΑ, 5.— Γιά τήν ύπόθεση αύτή έχει ήδη ένημερωθεί ό άρμόδιος είσαγγελέας, ό όποίος διέταξε προκαταρκτική έξέταση. Οί γονείς των παιδιών ζήτησαν νά άποσυρθεί τό κείμενο καί νά ένημερωθούν πλήρως γιά τό περιεχόμενο τών βιβλίων πού διανέμονται στά σχολεία. Σύμφωνα μέ πληροφορίες, οί σχετικές καταγγελίες έγιναν άπό πολλούς γονείς τής περιοχής, οί όποίοι έκφράζουν τήν άνησυχία τους γιά τό περιστατικό καί ζητούν νά ληφθούν μέτρα. Η έρευνα συνεχίζεται καί άναμένεται νά όλοκληρωθεί τίς έπόμενες ήμέρες μέ τήν κατάθεση όλων τών στοιχείων στίς άρμόδιες άρχές.
ΜΟΤΟΠΟΔΗΛΑΤΕΣ ΑΡΠΑΞΑΝ ΤΙΣ ΤΣΑΝΤΕΣ ΑΠΟ ΔΥΟ ΓΥΝΑΙΚΕΣ
ΑΘΗΝΑ, 5.— Γιά τήν ύπόθεση αύτή έχει ήδη ένημερωθεί ό άρμόδιος είσαγγελέας, ό όποίος διέταξε προκαταρκτική έξέταση. Οί γονείς των παιδιών ζήτησαν νά άποσυρθεί τό κείμενο καί νά ένημερωθούν πλήρως γιά τό περιεχόμενο τών βιβλίων πού διανέμονται στά σχολεία. Σύμφωνα μέ πληροφορίες, οί σχετικές καταγγελίες έγιναν άπό πολλούς γονείς τής περιοχής, οί όποίοι έκφράζουν τήν άνησυχία τους γιά τό περιστατικό καί ζητούν νά ληφθούν μέτρα. Η έρευνα συνεχίζεται καί άναμένεται νά όλοκληρωθεί τίς έπόμενες ήμέρες μέ τήν κατάθεση όλων τών στοιχείων στίς άρμόδιες άρχές.
ΣΥΖΗΤΗΣΗ ΜΕ ΘΕΜΑ Η ΕΛΛΗΝΙΚΗ ΙΑΤΡΙΚΗ ΚΑΙ Η ΣΟΚ
ΑΘΗΝΑ, 5.— Γιά τήν ύπόθεση αύτή έχει ήδη ένημερωθεί ό άρμόδιος είσαγγελέας, ό όποίος διέταξε προκαταρκτική έξέταση. Οί γονείς των παιδιών ζήτησαν νά άποσυρθεί τό κείμενο καί νά ένημερωθούν πλήρως γιά τό περιεχόμενο τών βιβλίων πού διανέμονται στά σχολεία. Σύμφωνα μέ πληροφορίες, οί σχετικές καταγγελίες έγιναν άπό πολλούς γονείς τής περιοχής, οί όποίοι έκφράζουν τήν άνησυχία τους γιά τό περιστατικό καί ζητούν νά ληφθούν μέτρα. Η έρευνα συνεχίζεται καί άναμένεται νά όλοκληρωθεί τίς έπόμενες ήμέρες μέ τήν κατάθεση όλων τών στοιχείων στίς άρμόδιες άρχές.
ΠΑΝΕΛΛΗΝΙΑ ΑΠΟΧΗ ΤΩΝ ΣΠΟΥΔΑΣΤΩΝ ΚΑΤΕΕ
ΑΘΗΝΑ, 5.— Γιά τήν ύπόθεση αύτή έχει ήδη ένημερωθεί ό άρμόδιος είσαγγελέας, ό όποίος διέταξε προκαταρκτική έξέταση. Οί γονείς των παιδιών ζήτησαν νά άποσυρθεί τό κείμενο καί νά ένημερωθούν πλήρως γιά τό περιεχόμενο τών βιβλίων πού διανέμονται στά σχολεία. Σύμφωνα μέ πληροφορίες, οί σχετικές καταγγελίες έγιναν άπό πολλούς γονείς τής περιοχής, οί όποίοι έκφράζουν τήν άνησυχία τους γιά τό περιστατικό καί ζητούν νά ληφθούν μέτρα. Η έρευνα συνεχίζεται καί άναμένεται νά όλοκληρωθεί τίς έπόμενες ήμέρες μέ τήν κατάθεση όλων τών στοιχείων στίς άρμόδιες άρχές.
ΑΘΗΝΑ, 5.— Γιά τήν ύπόθεση αύτή έχει ήδη ένημερωθεί ό άρμόδιος είσαγγελέας, ό όποίος διέταξε προκαταρκτική έξέταση. Οί γονείς των παιδιών ζήτησαν νά άποσυρθεί τό κείμενο καί νά ένημερωθούν πλήρως γιά τό περιεχόμενο τών βιβλίων πού διανέμονται στά σχολεία. Σύμφωνα μέ πληροφορίες, οί σχετικές καταγγελίες έγιναν άπό πολλούς γονείς τής περιοχής, οί όποίοι έκφράζουν τήν άνησυχία τους γιά τό περιστατικό καί ζητούν νά ληφθούν μέτρα. Η έρευνα συνεχίζεται καί άναμένεται νά όλοκληρωθεί τίς έπόμενες ήμέρες μέ τήν κατάθεση όλων τών στοιχείων στίς άρμόδιες άρχές.
Διανεμήθηκε μεταφρασμένο
Ποίημα Τούρκου ποιητού έξόργισε τούς γονείς άθηνα'ίκού νηπιαγωγείου
Άναφερόταν στίς σχέσεις τους μέ τά παιδιά. Έπενέβηκε ό είσαγγελέας γιά νά έρευνήσει τήν ύπόθεση
ΑΘΗΝΑ, 5.— Γιά τήν ύπόθεση αύτή έχει ήδη ένημερωθεί ό άρμόδιος είσαγγελέας, ό όποίος διέταξε προκαταρκτική έξέταση. Οί γονείς των παιδιών ζήτησαν νά άποσυρθεί τό κείμενο καί νά ένημερωθούν πλήρως γιά τό περιεχόμενο τών βιβλίων πού διανέμονται στά σχολεία. Σύμφωνα μέ πληροφορίες, οί σχετικές καταγγελίες έγιναν άπό πολλούς γονείς τής περιοχής, οί όποίοι έκφράζουν τήν άνησυχία τους γιά τό περιστατικό καί ζητούν νά ληφθούν μέτρα. Η έρευνα συνεχίζεται καί άναμένεται νά όλοκληρωθεί τίς έπόμενες ήμέρες μέ τήν κατάθεση όλων τών στοιχείων στίς άρμόδιες άρχές.
ΑΘΗΝΑ, 5.— Γιά τήν ύπόθεση αύτή έχει ήδη ένημερωθεί ό άρμόδιος είσαγγελέας, ό όποίος διέταξε προκαταρκτική έξέταση. Οί γονείς των παιδιών ζήτησαν νά άποσυρθεί τό κείμενο καί νά ένημερωθούν πλήρως γιά τό περιεχόμενο τών βιβλίων πού διανέμονται στά σχολεία. Σύμφωνα μέ πληροφορίες, οί σχετικές καταγγελίες έγιναν άπό πολλούς γονείς τής περιοχής, οί όποίοι έκφράζουν τήν άνησυχία τους γιά τό περιστατικό καί ζητούν νά ληφθούν μέτρα. Η έρευνα συνεχίζεται καί άναμένεται νά όλοκληρωθεί τίς έπόμενες ήμέρες μέ τήν κατάθεση όλων τών στοιχείων στίς άρμόδιες άρχές.
Στήν Άλεξανδρούπολη
Φυλάκιση 13-18 μηνών σέ τέσσερα άτομα γιά κατοχή όπλισμού
Στίς φυλακές οί δύο. Είχαν δύο πιστόλια, ένα αύτόματο, μία άρα-βίδα καί έκατοντάδες φυσίγγια
ΑΘΗΝΑ, 5.— Γιά τήν ύπόθεση αύτή έχει ήδη ένημερωθεί ό άρμόδιος είσαγγελέας, ό όποίος διέταξε προκαταρκτική έξέταση. Οί γονείς των παιδιών ζήτησαν νά άποσυρθεί τό κείμενο καί νά ένημερωθούν πλήρως γιά τό περιεχόμενο τών βιβλίων πού διανέμονται στά σχολεία. Σύμφωνα μέ πληροφορίες, οί σχετικές καταγγελίες έγιναν άπό πολλούς γονείς τής περιοχής, οί όποίοι έκφράζουν τήν άνησυχία τους γιά τό περιστατικό καί ζητούν νά ληφθούν μέτρα. Η έρευνα συνεχίζεται καί άναμένεται νά όλοκληρωθεί τίς έπόμενες ήμέρες μέ τήν κατάθεση όλων τών στοιχείων στίς άρμόδιες άρχές.
ΑΘΗΝΑ, 5.— Γιά τήν ύπόθεση αύτή έχει ήδη ένημερωθεί ό άρμόδιος είσαγγελέας, ό όποίος διέταξε προκαταρκτική έξέταση. Οί γονείς των παιδιών ζήτησαν νά άποσυρθεί τό κείμενο καί νά ένημερωθούν πλήρως γιά τό περιεχόμενο τών βιβλίων πού διανέμονται στά σχολεία. Σύμφωνα μέ πληροφορίες, οί σχετικές καταγγελίες έγιναν άπό πολλούς γονείς τής περιοχής, οί όποίοι έκφράζουν τήν άνησυχία τους γιά τό περιστατικό καί ζητούν νά ληφθούν μέτρα. Η έρευνα συνεχίζεται καί άναμένεται νά όλοκληρωθεί τίς έπόμενες ήμέρες μέ τήν κατάθεση όλων τών στοιχείων στίς άρμόδιες άρχές.
Άπό έμπορο αύτοκινήτων
Πολυτελής «Μερσεντές» ήρθε λαθραία άπ' τό Βέλγιο μέσα σέ φορτηγό ψυγείο
Τρείς στόν είσαγγελέα γιά λαθρεμπορία καί συνεργεία. Συνελήφθησαν ένώ τήν ξεφόρτωναν σέ ράμπα
ΑΘΗΝΑ, 5.— Γιά τήν ύπόθεση αύτή έχει ήδη ένημερωθεί ό άρμόδιος είσαγγελέας, ό όποίος διέταξε προκαταρκτική έξέταση. Οί γονείς των παιδιών ζήτησαν νά άποσυρθεί τό κείμενο καί νά ένημερωθούν πλήρως γιά τό περιεχόμενο τών βιβλίων πού διανέμονται στά σχολεία. Σύμφωνα μέ πληροφορίες, οί σχετικές καταγγελίες έγιναν άπό πολλούς γονείς τής περιοχής, οί όποίοι έκφράζουν τήν άνησυχία τους γιά τό περιστατικό καί ζητούν νά ληφθούν μέτρα. Η έρευνα συνεχίζεται καί άναμένεται νά όλοκληρωθεί τίς έπόμενες ήμέρες μέ τήν κατάθεση όλων τών στοιχείων στίς άρμόδιες άρχές.
ΑΘΗΝΑ, 5.— Γιά τήν ύπόθεση αύτή έχει ήδη ένημερωθεί ό άρμόδιος είσαγγελέας, ό όποίος διέταξε προκαταρκτική έξέταση. Οί γονείς των παιδιών ζήτησαν νά άποσυρθεί τό κείμενο καί νά ένημερωθούν πλήρως γιά τό περιεχόμενο τών βιβλίων πού διανέμονται στά σχολεία. Σύμφωνα μέ πληροφορίες, οί σχετικές καταγγελίες έγιναν άπό πολλούς γονείς τής περιοχής, οί όποίοι έκφράζουν τήν άνησυχία τους γιά τό περιστατικό καί ζητούν νά ληφθούν μέτρα. Η έρευνα συνεχίζεται καί άναμένεται νά όλοκληρωθεί τίς έπόμενες ήμέρες μέ τήν κατάθεση όλων τών στοιχείων στίς άρμόδιες άρχές.
Άπ' τό πενταμελές έφετείο
Πέντε χρόνια σέ ναυτικό πού λήστεψε γιατρό μέ συνεργό ήδονοβλεψία
Πήραν θησαυρό κοσμημάτων μέ ά-πειλή μαχαιριού Μετά άπό «παρα-κολούθηση» έντόπισαν τό θύμα τους
ΑΘΗΝΑ, 5.— Γιά τήν ύπόθεση αύτή έχει ήδη ένημερωθεί ό άρμόδιος είσαγγελέας, ό όποίος διέταξε προκαταρκτική έξέταση. Οί γονείς των παιδιών ζήτησαν νά άποσυρθεί τό κείμενο καί νά ένημερωθούν πλήρως γιά τό περιεχόμενο τών βιβλίων πού διανέμονται στά σχολεία. Σύμφωνα μέ πληροφορίες, οί σχετικές καταγγελίες έγιναν άπό πολλούς γονείς τής περιοχής, οί όποίοι έκφράζουν τήν άνησυχία τους γιά τό περιστατικό καί ζητούν νά ληφθούν μέτρα. Η έρευνα συνεχίζεται καί άναμένεται νά όλοκληρωθεί τίς έπόμενες ήμέρες μέ τήν κατάθεση όλων τών στοιχείων στίς άρμόδιες άρχές.
ΑΘΗΝΑ, 5.— Γιά τήν ύπόθεση αύτή έχει ήδη ένημερωθεί ό άρμόδιος είσαγγελέας, ό όποίος διέταξε προκαταρκτική έξέταση. Οί γονείς των παιδιών ζήτησαν νά άποσυρθεί τό κείμενο καί νά ένημερωθούν πλήρως γιά τό περιεχόμενο τών βιβλίων πού διανέμονται στά σχολεία. Σύμφωνα μέ πληροφορίες, οί σχετικές καταγγελίες έγιναν άπό πολλούς γονείς τής περιοχής, οί όποίοι έκφράζουν τήν άνησυχία τους γιά τό περιστατικό καί ζητούν νά ληφθούν μέτρα. Η έρευνα συνεχίζεται καί άναμένεται νά όλοκληρωθεί τίς έπόμενες ήμέρες μέ τήν κατάθεση όλων τών στοιχείων στίς άρμόδιες άρχές.
Σελίδα 3
ΕΠΤΑ ΝΕΟΙ ΚΑΘΗΓΗΤΕΣ ΣΤΗ ΝΟΜΙΚΗ ΤΗΣ ΘΡΑΚΗΣ
ΕΞΕΛΕΓΗΣΑΝ ΑΠΟ ΤΗ ΣΧΟΛΗ
ΑΘΗΝΑ, 5.— Γιά τήν ύπόθεση αύτή έχει ήδη ένημερωθεί ό άρμόδιος είσαγγελέας, ό όποίος διέταξε προκαταρκτική έξέταση. Οί γονείς των παιδιών ζήτησαν νά άποσυρθεί τό κείμενο καί νά ένημερωθούν πλήρως γιά τό περιεχόμενο τών βιβλίων πού διανέμονται στά σχολεία. Σύμφωνα μέ πληροφορίες, οί σχετικές καταγγελίες έγιναν άπό πολλούς γονείς τής περιοχής, οί όποίοι έκφράζουν τήν άνησυχία τους γιά τό περιστατικό καί ζητούν νά ληφθούν μέτρα. Η έρευνα συνεχίζεται καί άναμένεται νά όλοκληρωθεί τίς έπόμενες ήμέρες μέ τήν κατάθεση όλων τών στοιχείων στίς άρμόδιες άρχές.
ΚΡΕΟΠΩΛΗΣ ΕΙΧΕ 29 ΚΙΛΑ ΑΚΑΤΑΛΛΗΛΟ ΜΟΣΧΑΡΙΣΙΟ
ΤΟΥ ΕΠΙΒΛΗΘΗΚΕ ΤΕΤΡΑΜΗΝΗ ΦΛΑΚΙΣΗ
ΑΘΗΝΑ, 5.— Γιά τήν ύπόθεση αύτή έχει ήδη ένημερωθεί ό άρμόδιος είσαγγελέας, ό όποίος διέταξε προκαταρκτική έξέταση. Οί γονείς των παιδιών ζήτησαν νά άποσυρθεί τό κείμενο καί νά ένημερωθούν πλήρως γιά τό περιεχόμενο τών βιβλίων πού διανέμονται στά σχολεία. Σύμφωνα μέ πληροφορίες, οί σχετικές καταγγελίες έγιναν άπό πολλούς γονείς τής περιοχής, οί όποίοι έκφράζουν τήν άνησυχία τους γιά τό περιστατικό καί ζητούν νά ληφθούν μέτρα. Η έρευνα συνεχίζεται καί άναμένεται νά όλοκληρωθεί τίς έπόμενες ήμέρες μέ τήν κατάθεση όλων τών στοιχείων στίς άρμόδιες άρχές.
ΤΑ ΔΙΑΠΙΣΤΕΥΤΗΡΙΑ ΤΩΝ ΝΕΩΝ ΠΡΕΣΒΕΥΤΩΝ ΤΟΥ ΛΙΒΑΝΟΥ ΚΑΙ ΤΗΣ ΜΟΓΓΟΛΙΑΣ
ΑΘΗΝΑ, 5.— Γιά τήν ύπόθεση αύτή έχει ήδη ένημερωθεί ό άρμόδιος είσαγγελέας, ό όποίος διέταξε προκαταρκτική έξέταση. Οί γονείς των παιδιών ζήτησαν νά άποσυρθεί τό κείμενο καί νά ένημερωθούν πλήρως γιά τό περιεχόμενο τών βιβλίων πού διανέμονται στά σχολεία. Σύμφωνα μέ πληροφορίες, οί σχετικές καταγγελίες έγιναν άπό πολλούς γονείς τής περιοχής, οί όποίοι έκφράζουν τήν άνησυχία τους γιά τό περιστατικό καί ζητούν νά ληφθούν μέτρα. Η έρευνα συνεχίζεται καί άναμένεται νά όλοκληρωθεί τίς έπόμενες ήμέρες μέ τήν κατάθεση όλων τών στοιχείων στίς άρμόδιες άρχές.
ΕΠΙΣΗΜΟΣ ΕΟΡΤΑΣΜΟΣ ΤΩΝ ΓΕΝΕΘΛΙΩΝ ΤΟΥ ΠΛΑΤΩΝΑ
ΑΘΗΝΑ, 5.— Γιά τήν ύπόθεση αύτή έχει ήδη ένημερωθεί ό άρμόδιος είσαγγελέας, ό όποίος διέταξε προκαταρκτική έξέταση. Οί γονείς των παιδιών ζήτησαν νά άποσυρθεί τό κείμενο καί νά ένημερωθούν πλήρως γιά τό περιεχόμενο τών βιβλίων πού διανέμονται στά σχολεία. Σύμφωνα μέ πληροφορίες, οί σχετικές καταγγελίες έγιναν άπό πολλούς γονείς τής περιοχής, οί όποίοι έκφράζουν τήν άνησυχία τους γιά τό περιστατικό καί ζητούν νά ληφθούν μέτρα. Η έρευνα συνεχίζεται καί άναμένεται νά όλοκληρωθεί τίς έπόμενες ήμέρες μέ τήν κατάθεση όλων τών στοιχείων στίς άρμόδιες άρχές.
ΤΑ ΑΣΦΑΛΙΣΤΙΚΑ ΔΙΚΑΙΩΜΑΤΑ ΕΠΑΝΑΠΑΤΡΙΖΟΜΕΝΩΝ ΑΠΟ ΑΝΑΤΟΛΙΚΕΣ ΧΩΡΕΣ
ΑΘΗΝΑ, 5.— Γιά τήν ύπόθεση αύτή έχει ήδη ένημερωθεί ό άρμόδιος είσαγγελέας, ό όποίος διέταξε προκαταρκτική έξέταση. Οί γονείς των παιδιών ζήτησαν νά άποσυρθεί τό κείμενο καί νά ένημερωθούν πλήρως γιά τό περιεχόμενο τών βιβλίων πού διανέμονται στά σχολεία. Σύμφωνα μέ πληροφορίες, οί σχετικές καταγγελίες έγιναν άπό πολλούς γονείς τής περιοχής, οί όποίοι έκφράζουν τήν άνησυχία τους γιά τό περιστατικό καί ζητούν νά ληφθούν μέτρα. Η έρευνα συνεχίζεται καί άναμένεται νά όλοκληρωθεί τίς έπόμενες ήμέρες μέ τήν κατάθεση όλων τών στοιχείων στίς άρμόδιες άρχές.
ΣΥΝΕΛΗΦΘΗΣΑΝ ΤΡΕΙΣ ΥΠΟΠΤΟΙ ΣΕ ΜΟΝΑΣΤΗΡΙ ΤΩΝ ΓΡΕΒΕΝΩΝ
ΑΘΗΝΑ, 5.— Γιά τήν ύπόθεση αύτή έχει ήδη ένημερωθεί ό άρμόδιος είσαγγελέας, ό όποίος διέταξε προκαταρκτική έξέταση. Οί γονείς των παιδιών ζήτησαν νά άποσυρθεί τό κείμενο καί νά ένημερωθούν πλήρως γιά τό περιεχόμενο τών βιβλίων πού διανέμονται στά σχολεία. Σύμφωνα μέ πληροφορίες, οί σχετικές καταγγελίες έγιναν άπό πολλούς γονείς τής περιοχής, οί όποίοι έκφράζουν τήν άνησυχία τους γιά τό περιστατικό καί ζητούν νά ληφθούν μέτρα. Η έρευνα συνεχίζεται καί άναμένεται νά όλοκληρωθεί τίς έπόμενες ήμέρες μέ τήν κατάθεση όλων τών στοιχείων στίς άρμόδιες άρχές.
Η ΑΙΟΡΓΑΝΩΣΗ ΤΟΥ ΠΑΝΕΛΛΗΝΙΟΥ ΣΥΝΔΕΣΜΟΥ ΕΞΑΓΩΓΕΩΝ
ΑΘΗΝΑ, 5.— Γιά τήν ύπόθεση αύτή έχει ήδη ένημερωθεί ό άρμόδιος είσαγγελέας, ό όποίος διέταξε προκαταρκτική έξέταση. Οί γονείς των παιδιών ζήτησαν νά άποσυρθεί τό κείμενο καί νά ένημερωθούν πλήρως γιά τό περιεχόμενο τών βιβλίων πού διανέμονται στά σχολεία. Σύμφωνα μέ πληροφορίες, οί σχετικές καταγγελίες έγιναν άπό πολλούς γονείς τής περιοχής, οί όποίοι έκφράζουν τήν άνησυχία τους γιά τό περιστατικό καί ζητούν νά ληφθούν μέτρα. Η έρευνα συνεχίζεται καί άναμένεται νά όλοκληρωθεί τίς έπόμενες ήμέρες μέ τήν κατάθεση όλων τών στοιχείων στίς άρμόδιες άρχές.
Ο ΕΚΣΥΓΧΡΟΝΙΣΜΟΣ ΕΜΠΟΡΕΥΜΑΤΩΝ ΑΠΟ ΤΗ ΔΩΔΕΚΑΝΗΣΟ
ΑΘΗΝΑ, 5.— Γιά τήν ύπόθεση αύτή έχει ήδη ένημερωθεί ό άρμόδιος είσαγγελέας, ό όποίος διέταξε προκαταρκτική έξέταση. Οί γονείς των παιδιών ζήτησαν νά άποσυρθεί τό κείμενο καί νά ένημερωθούν πλήρως γιά τό περιεχόμενο τών βιβλίων πού διανέμονται στά σχολεία. Σύμφωνα μέ πληροφορίες, οί σχετικές καταγγελίες έγιναν άπό πολλούς γονείς τής περιοχής, οί όποίοι έκφράζουν τήν άνησυχία τους γιά τό περιστατικό καί ζητούν νά ληφθούν μέτρα. Η έρευνα συνεχίζεται καί άναμένεται νά όλοκληρωθεί τίς έπόμενες ήμέρες μέ τήν κατάθεση όλων τών στοιχείων στίς άρμόδιες άρχές.
ΑΡΧΙΜΑΝΔΡΙΤΗΣ ΚΑΤΗΓΟΡΕΙΤΑΙ ΓΙΑ ΑΡΧΑΙΟΚΑΠΗΛΙΑ
ΑΘΗΝΑ, 5.— Γιά τήν ύπόθεση αύτή έχει ήδη ένημερωθεί ό άρμόδιος είσαγγελέας, ό όποίος διέταξε προκαταρκτική έξέταση. Οί γονείς των παιδιών ζήτησαν νά άποσυρθεί τό κείμενο καί νά ένημερωθούν πλήρως γιά τό περιεχόμενο τών βιβλίων πού διανέμονται στά σχολεία. Σύμφωνα μέ πληροφορίες, οί σχετικές καταγγελίες έγιναν άπό πολλούς γονείς τής περιοχής, οί όποίοι έκφράζουν τήν άνησυχία τους γιά τό περιστατικό καί ζητούν νά ληφθούν μέτρα. Η έρευνα συνεχίζεται καί άναμένεται νά όλοκληρωθεί τίς έπόμενες ήμέρες μέ τήν κατάθεση όλων τών στοιχείων στίς άρμόδιες άρχές.
